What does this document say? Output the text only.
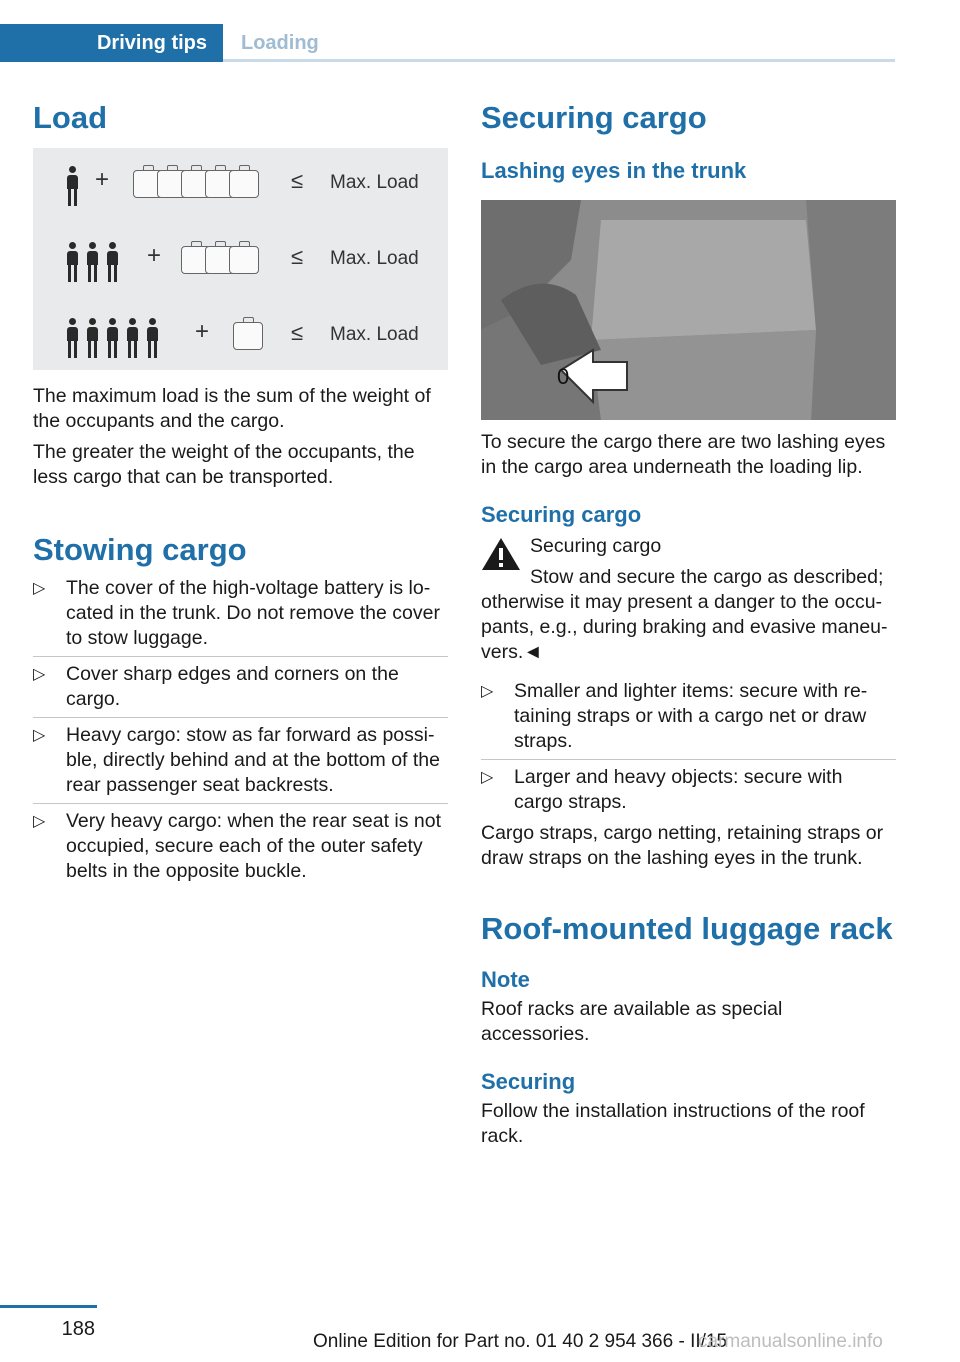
Driving tips	Loading
Load
+	≤ Max. Load
+	≤ Max. Load
+	≤ Max. Load

The maximum load is the sum of the weight of the occupants and the cargo.

The greater the weight of the occupants, the less cargo that can be transported.

Stowing cargo
▷ The cover of the high-voltage battery is lo‐cated in the trunk. Do not remove the cover to stow luggage.
▷ Cover sharp edges and corners on the cargo.
▷ Heavy cargo: stow as far forward as possi‐ble, directly behind and at the bottom of the rear passenger seat backrests.
▷ Very heavy cargo: when the rear seat is not occupied, secure each of the outer safety belts in the opposite buckle.
Securing cargo
Lashing eyes in the trunk
0

To secure the cargo there are two lashing eyes in the cargo area underneath the loading lip.

Securing cargo

Securing cargo

Stow and secure the cargo as described; otherwise it may present a danger to the occu‐pants, e.g., during braking and evasive maneu‐vers.◄

▷ Smaller and lighter items: secure with re‐taining straps or with a cargo net or draw straps.
▷ Larger and heavy objects: secure with cargo straps.

Cargo straps, cargo netting, retaining straps or draw straps on the lashing eyes in the trunk.

Roof-mounted luggage rack
Note

Roof racks are available as special accessories.

Securing

Follow the installation instructions of the roof rack.

188
Online Edition for Part no. 01 40 2 954 366 - II/15
carmanualsonline.info
